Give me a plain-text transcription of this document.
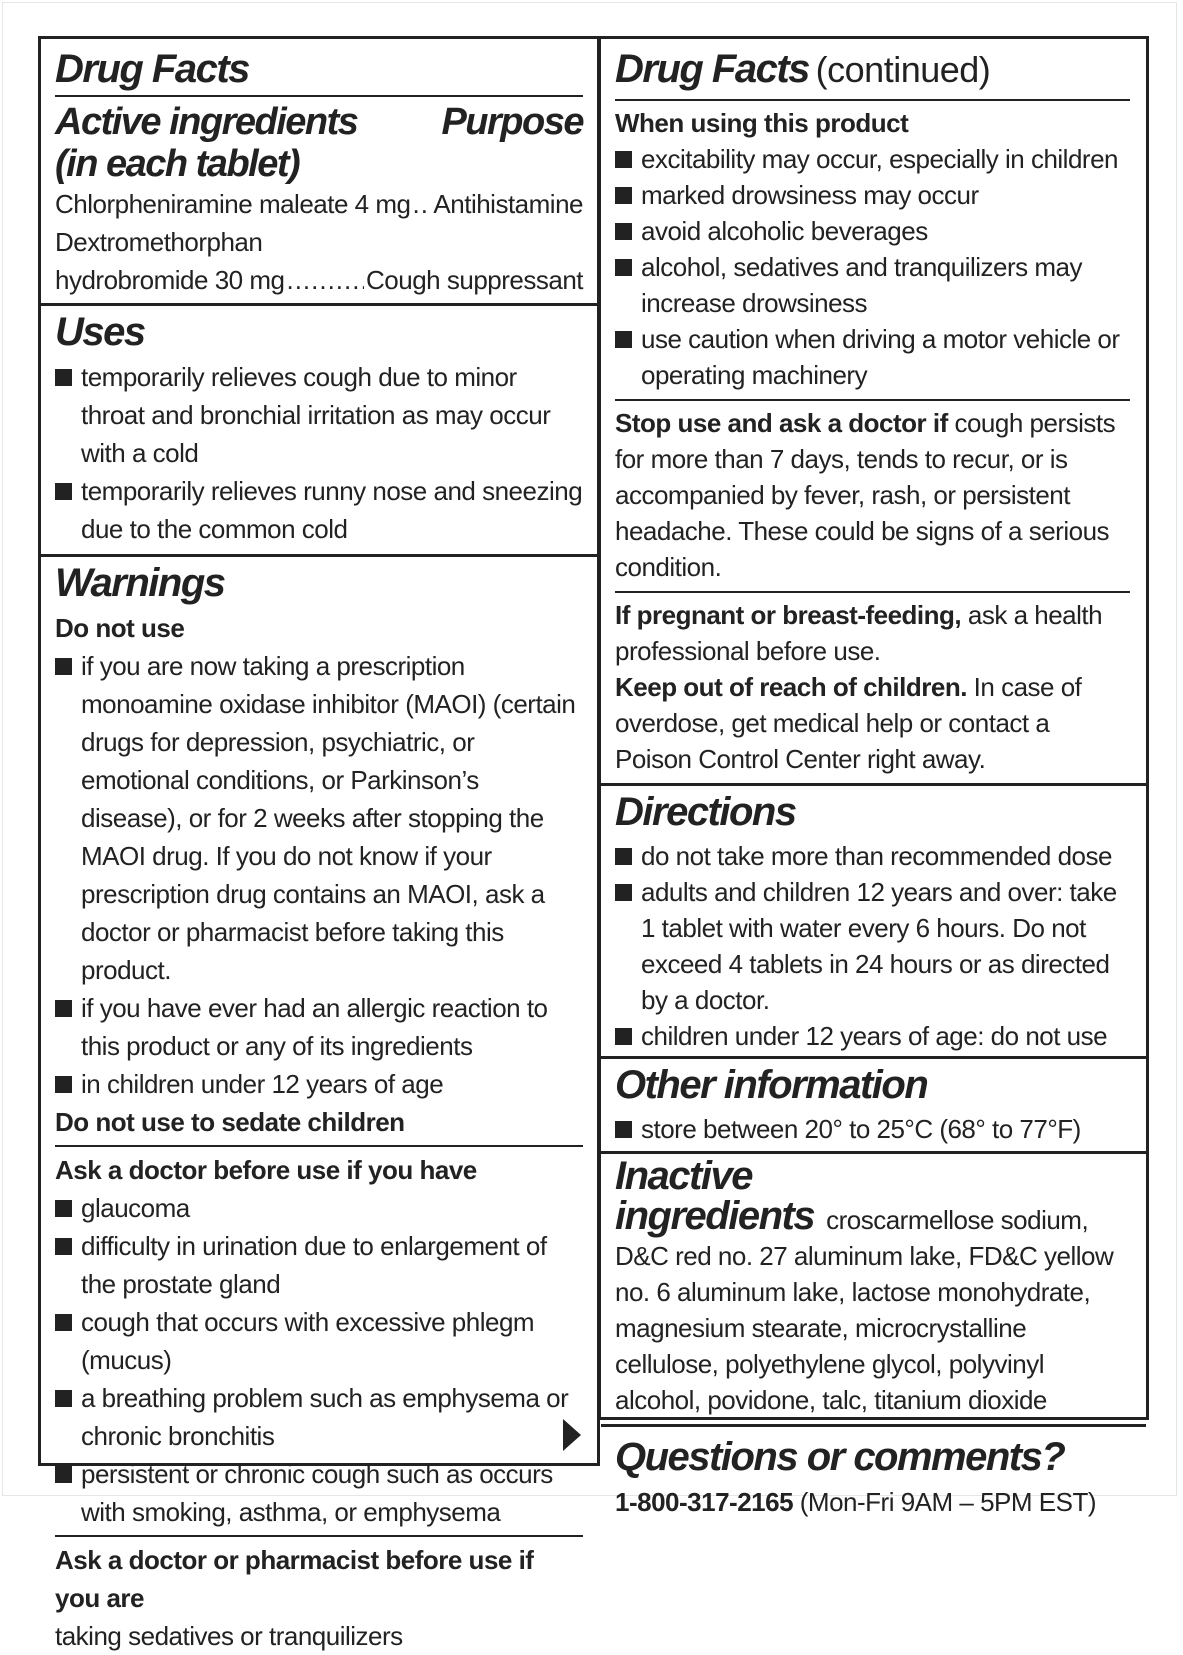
Drug Facts
Active ingredients
(in each tablet)
Purpose
Chlorpheniramine maleate 4 mg ..... Antihistamine
Dextromethorphan
hydrobromide 30 mg .....	Cough suppressant
Uses
temporarily relieves cough due to minor throat and bronchial irritation as may occur with a cold
temporarily relieves runny nose and sneezing due to the common cold
Warnings
Do not use
if you are now taking a prescription monoamine oxidase inhibitor (MAOI) (certain drugs for depression, psychiatric, or emotional conditions, or Parkinson’s disease), or for 2 weeks after stopping the MAOI drug. If you do not know if your prescription drug contains an MAOI, ask a doctor or pharmacist before taking this product.
if you have ever had an allergic reaction to this product or any of its ingredients
in children under 12 years of age
Do not use to sedate children
Ask a doctor before use if you have
glaucoma
difficulty in urination due to enlargement of the prostate gland
cough that occurs with excessive phlegm (mucus)
a breathing problem such as emphysema or chronic bronchitis
persistent or chronic cough such as occurs with smoking, asthma, or emphysema
Ask a doctor or pharmacist before use if you are
taking sedatives or tranquilizers
Drug Facts (continued)
When using this product
excitability may occur, especially in children
marked drowsiness may occur
avoid alcoholic beverages
alcohol, sedatives and tranquilizers may increase drowsiness
use caution when driving a motor vehicle or operating machinery
Stop use and ask a doctor if cough persists for more than 7 days, tends to recur, or is accompanied by fever, rash, or persistent headache. These could be signs of a serious condition.
If pregnant or breast-feeding, ask a health professional before use.
Keep out of reach of children. In case of overdose, get medical help or contact a Poison Control Center right away.
Directions
do not take more than recommended dose
adults and children 12 years and over: take 1 tablet with water every 6 hours. Do not exceed 4 tablets in 24 hours or as directed by a doctor.
children under 12 years of age: do not use
Other information
store between 20° to 25°C (68° to 77°F)
Inactive ingredients croscarmellose sodium, D&C red no. 27 aluminum lake, FD&C yellow no. 6 aluminum lake, lactose monohydrate, magnesium stearate, microcrystalline cellulose, polyethylene glycol, polyvinyl alcohol, povidone, talc, titanium dioxide
Questions or comments?
1-800-317-2165 (Mon-Fri 9AM – 5PM EST)
